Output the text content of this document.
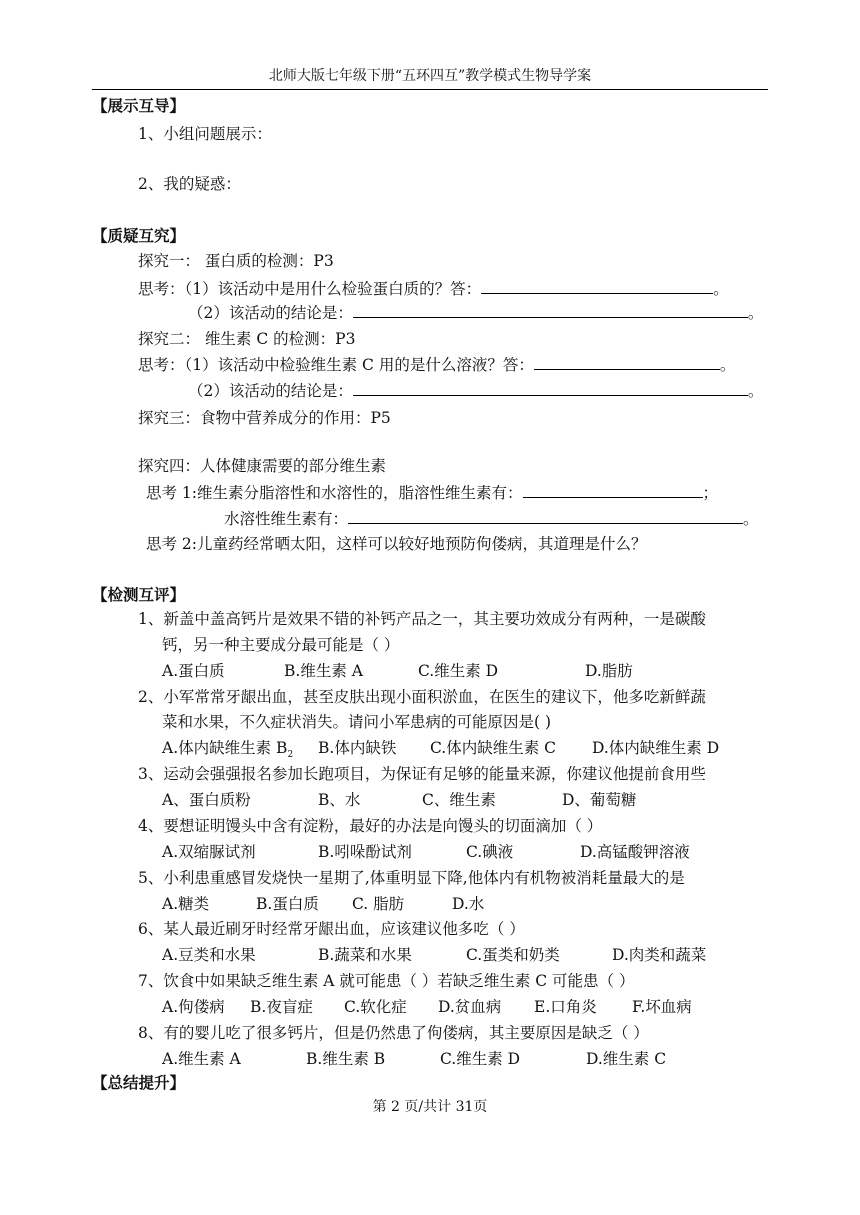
北师大版七年级下册“五环四互”教学模式生物导学案
【展示互导】
1、小组问题展示：
2、我的疑惑：
【质疑互究】
探究一： 蛋白质的检测：P3
思考：（1）该活动中是用什么检验蛋白质的？答：	。
（2）该活动的结论是：	。
探究二： 维生素 C 的检测：P3
思考：（1）该活动中检验维生素 C 用的是什么溶液？答：	。
（2）该活动的结论是：	。
探究三：食物中营养成分的作用：P5
探究四：人体健康需要的部分维生素
思考 1:维生素分脂溶性和水溶性的，脂溶性维生素有：	；
水溶性维生素有：	。
思考 2:儿童药经常晒太阳，这样可以较好地预防佝偻病，其道理是什么？
【检测互评】
1、新盖中盖高钙片是效果不错的补钙产品之一，其主要功效成分有两种，一是碳酸
钙，另一种主要成分最可能是（ ）
A.蛋白质	B.维生素 A	C.维生素 D	D.脂肪
2、小军常常牙龈出血，甚至皮肤出现小面积淤血，在医生的建议下，他多吃新鲜蔬
菜和水果，不久症状消失。请问小军患病的可能原因是( )
A.体内缺维生素 $B_2$ B.体内缺铁 C.体内缺维生素 C D.体内缺维生素 D
3、运动会强强报名参加长跑项目，为保证有足够的能量来源，你建议他提前食用些
A、蛋白质粉	B、水	C、维生素	D、葡萄糖
4、要想证明馒头中含有淀粉，最好的办法是向馒头的切面滴加（ ）
A.双缩脲试剂	B.吲哚酚试剂	C.碘液	D.高锰酸钾溶液
5、小利患重感冒发烧快一星期了,体重明显下降,他体内有机物被消耗量最大的是
A.糖类	B.蛋白质 C. 脂肪	D.水
6、某人最近刷牙时经常牙龈出血，应该建议他多吃（ ）
A.豆类和水果	B.蔬菜和水果	C.蛋类和奶类	D.肉类和蔬菜
7、饮食中如果缺乏维生素 A 就可能患（ ）若缺乏维生素 C 可能患（ ）
A.佝偻病 B.夜盲症 C.软化症 D.贫血病 E.口角炎 F.坏血病
8、有的婴儿吃了很多钙片，但是仍然患了佝偻病，其主要原因是缺乏（ ）
A.维生素 A	B.维生素 B	C.维生素 D	D.维生素 C
【总结提升】
第 2 页/共计 31页
